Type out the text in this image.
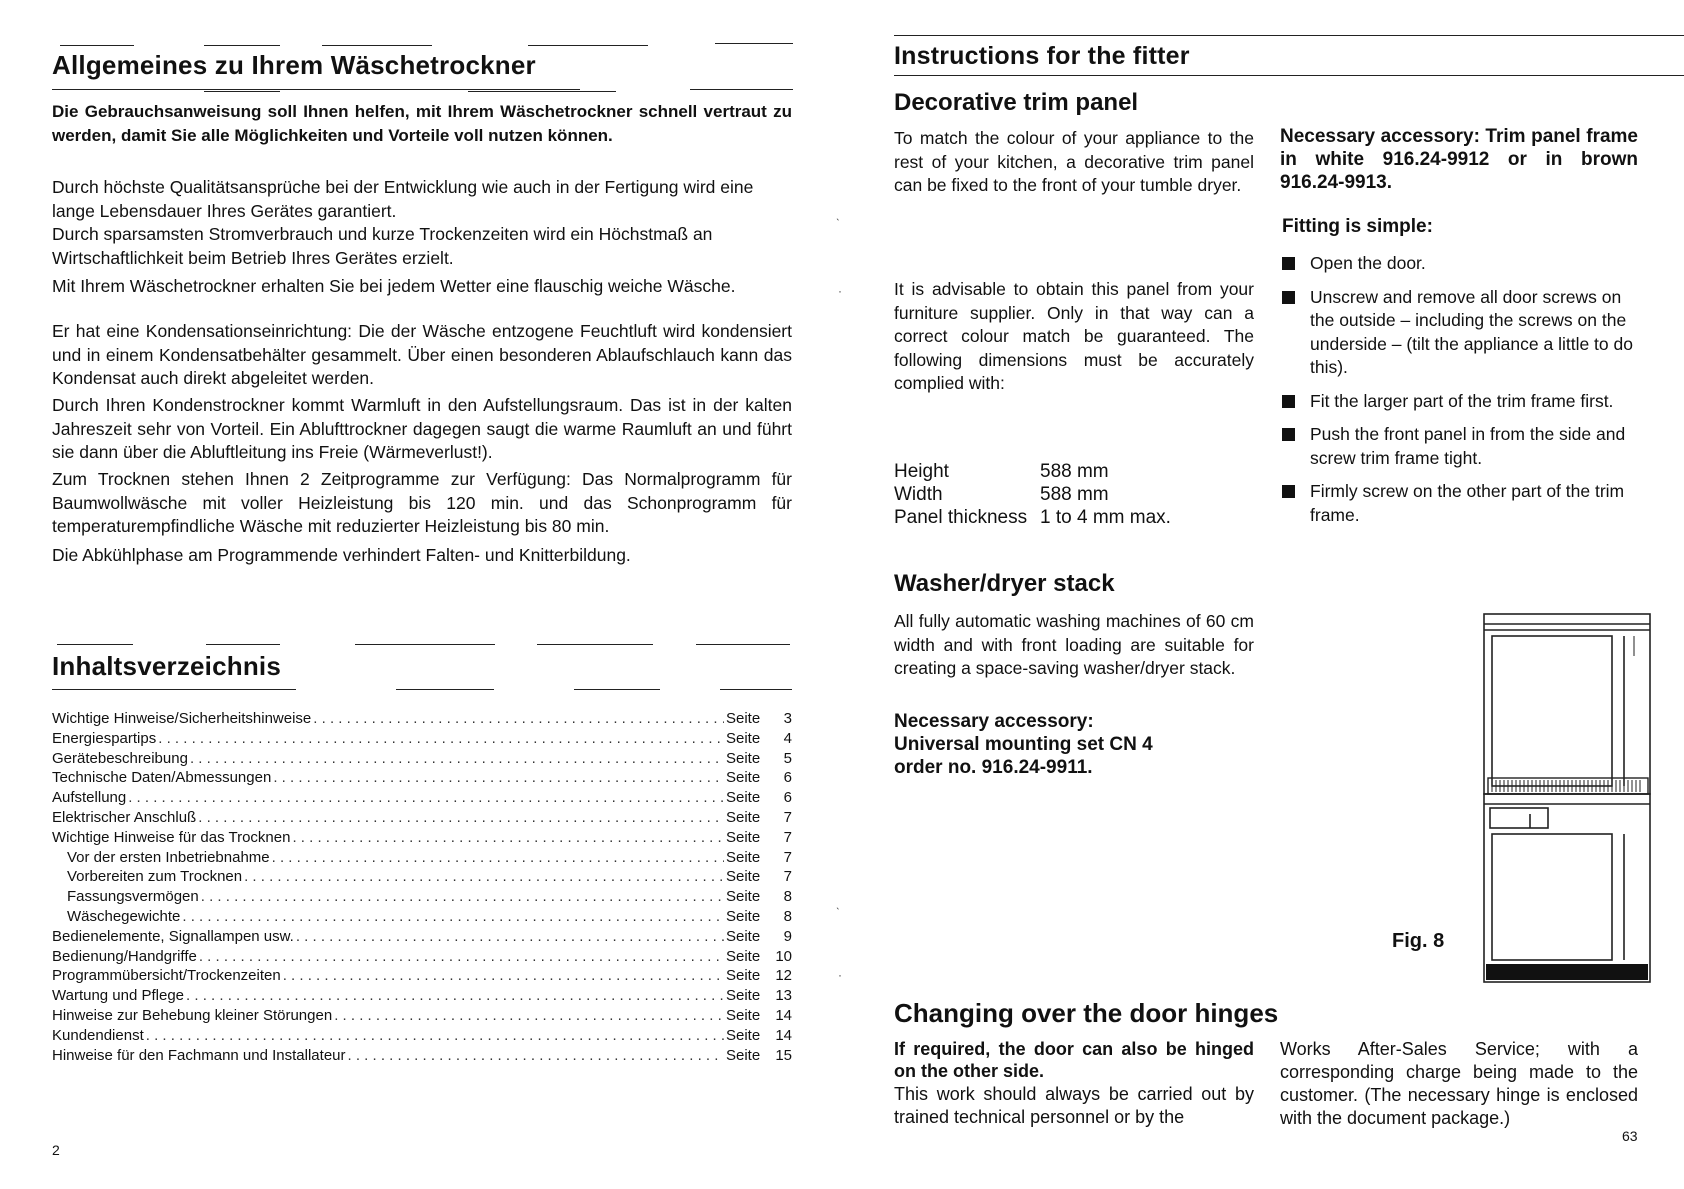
Allgemeines zu Ihrem Wäschetrockner

Die Gebrauchsanweisung soll Ihnen helfen, mit Ihrem Wäschetrockner schnell vertraut zu werden, damit Sie alle Möglichkeiten und Vorteile voll nutzen können.

Durch höchste Qualitätsansprüche bei der Entwicklung wie auch in der Fertigung wird eine lange Lebensdauer Ihres Gerätes garantiert.

Durch sparsamsten Stromverbrauch und kurze Trockenzeiten wird ein Höchstmaß an Wirtschaftlichkeit beim Betrieb Ihres Gerätes erzielt.

Mit Ihrem Wäschetrockner erhalten Sie bei jedem Wetter eine flauschig weiche Wäsche.

Er hat eine Kondensationseinrichtung: Die der Wäsche entzogene Feuchtluft wird kondensiert und in einem Kondensatbehälter gesammelt. Über einen besonderen Ablaufschlauch kann das Kondensat auch direkt abgeleitet werden.

Durch Ihren Kondenstrockner kommt Warmluft in den Aufstellungsraum. Das ist in der kalten Jahreszeit sehr von Vorteil. Ein Ablufttrockner dagegen saugt die warme Raumluft an und führt sie dann über die Abluftleitung ins Freie (Wärmeverlust!).

Zum Trocknen stehen Ihnen 2 Zeitprogramme zur Verfügung: Das Normalprogramm für Baumwollwäsche mit voller Heizleistung bis 120 min. und das Schonprogramm für temperaturempfindliche Wäsche mit reduzierter Heizleistung bis 80 min.

Die Abkühlphase am Programmende verhindert Falten- und Knitterbildung.

Inhaltsverzeichnis
Wichtige Hinweise/Sicherheitshinweise . . .	Seite	3
Energiespartips . . .	Seite	4
Gerätebeschreibung . . .	Seite	5
Technische Daten/Abmessungen . . .	Seite	6
Aufstellung . . .	Seite	6
Elektrischer Anschluß . . .	Seite	7
Wichtige Hinweise für das Trocknen . . .	Seite	7
Vor der ersten Inbetriebnahme . . .	Seite	7
Vorbereiten zum Trocknen . . .	Seite	7
Fassungsvermögen . . .	Seite	8
Wäschegewichte . . .	Seite	8
Bedienelemente, Signallampen usw. . . .	Seite	9
Bedienung/Handgriffe . . .	Seite	10
Programmübersicht/Trockenzeiten . . .	Seite	12
Wartung und Pflege . . .	Seite	13
Hinweise zur Behebung kleiner Störungen . . .	Seite	14
Kundendienst . . .	Seite	14
Hinweise für den Fachmann und Installateur . . .	Seite	15
2
ˎ
·
ˎ
·
Instructions for the fitter
Decorative trim panel

To match the colour of your appliance to the rest of your kitchen, a decorative trim panel can be fixed to the front of your tumble dryer.

It is advisable to obtain this panel from your furniture supplier. Only in that way can a correct colour match be guaranteed. The following dimensions must be accurately complied with:

Height	588 mm
Width	588 mm
Panel thickness	1 to 4 mm max.

Necessary accessory: Trim panel frame in white 916.24-9912 or in brown 916.24-9913.

Fitting is simple:
Open the door.
Unscrew and remove all door screws on the outside – including the screws on the underside – (tilt the appliance a little to do this).
Fit the larger part of the trim frame first.
Push the front panel in from the side and screw trim frame tight.
Firmly screw on the other part of the trim frame.
Washer/dryer stack

All fully automatic washing machines of 60 cm width and with front loading are suitable for creating a space-saving washer/dryer stack.

Necessary accessory:
Universal mounting set CN 4
order no. 916.24-9911.
Fig. 8
Changing over the door hinges

If required, the door can also be hinged on the other side.

This work should always be carried out by trained technical personnel or by the

Works After-Sales Service; with a corresponding charge being made to the customer. (The necessary hinge is enclosed with the document package.)

63
